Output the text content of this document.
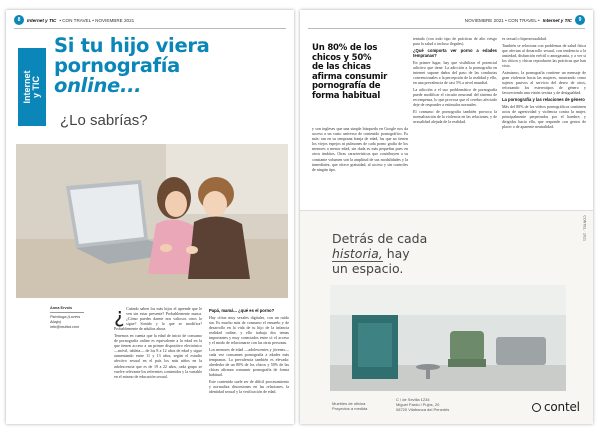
8	Internet y TIC • CON TRAVEL • NOVIEMBRE 2021
Internet y TIC
Si tu hijo viera
pornografía
online...
¿Lo sabrías?
Anna Ervois
Psicóloga (Lovers Abajo)
info@institut.com
¿ Cuándo saben los más hijos el aprende que le ven sin estar presente? Probablemente nunca. ¿Cómo puedes darme nos valiosos otros lo sigue? Sonido y lo que se modifica? Probablemente de adultos ahora.

Tenemos en cuenta que la edad de inicio de consumo de pornografía online es equivalente a la edad en la que tienen acceso a un primer dispositivo electrónico —móvil, tableta— de los 8 a 12 años de edad y sigue aumentando entre 11 y 13 años, según el estudio afectivo sexual en el país los más niños en la adolescencia que es de 19 a 22 años, cada grupo se vuelve relevante los referentes contenidos y la variable en el mismo de educación sexual.

Papá, mamá... ¿qué es el porno?

Hay cifras muy sexales digitales, con un ruido sin. Es mucho más de consumo el ensueño y de desarrollo en la vida de tu hijo de la infancia realidad online, y ello trabaja dos temas importantes y muy conectados entre sí: el acceso y el modo de relacionarse con las otras personas.

Los menores de edad —adolescentes y jóvenes— cada vez consumen pornografía a edades más tempranas. La prevalencia también es elevada: alrededor de un 80% de los chicos y 50% de las chicas afirman consumir pornografía de forma habitual.

Este contenido suele ser de difícil procesamiento y normaliza distorsiones en las relaciones, la identidad sexual y la verificación de edad.

NOVIEMBRE 2021 • CON TRAVEL • Internet y TIC	9
Un 80% de los
chicos y 50%
de las chicas
afirma consumir
pornografía de
forma habitual

y son ingleses que una simple búsqueda en Google nos da acceso a un vasto universo de contenido pornográfico. Es más: tan en su temprana franja de edad, las que no tienen los viejos espejos ni pulmones de cada porno grafía de los menores a menor edad, sin duda es más pequeñas pues en otros ámbitos. Otras características que contribuyen a su constante volumen son la amplitud de sus modalidades y la inmediatez, que ofrece gratuidad, al acceso y sin controles de ningún tipo.

tentado (con todo tipo de prácticas de alto riesgo para la salud o incluso ilegales).

¿Qué comporta ver porno a edades tempranas?

En primer lugar, hay que visibilizar el potencial adictivo que tiene. La adicción a la pornografía en internet supone daños del paso de las conductas convencionales a la percepción de la realidad y ello, en una prevalencia de casi 5% a nivel mundial.

La adicción a el uso problemático de pornografía puede modificar el circuito neuronal del sistema de recompensa, lo que provoca que el cerebro afectado deje de responder a estímulos normales.

El consumo de pornografía también provoca la normalización de la violencia en las relaciones, y de sexualidad alejada de la realidad.

es sexual o hipersexualidad.

También se relaciona con problemas de salud física que afectan al desarrollo sexual, con tendencia a la ansiedad, disfunción eréctil o anorgasmia, y a ver si los chicos y chicas reproducen las prácticas que han visto.

Asimismo, la pornografía contiene un mensaje de gran violencia hacia las mujeres, mostrando como sujetos pasivos al servicio del deseo de otros, reforzando los estereotipos de género y favoreciendo una visión sexista y de desigualdad.

La pornografía y las relaciones de género

Más del 80% de los vídeos pornográficos contienen actos de agresividad y violencia contra la mujer, principalmente perpetrados por el hombre, y dirigidos hacia ella, que responde con gestos de placer o de aparente neutralidad.

CONTEL · 2021
Detrás de cada
historia, hay
un espacio.
Muebles de oficina
Proyectos a medida
C / de Sevilla 1234
Miguel Pardo i Pujós, 20
08720 Vilafranca del Penedès	contel
